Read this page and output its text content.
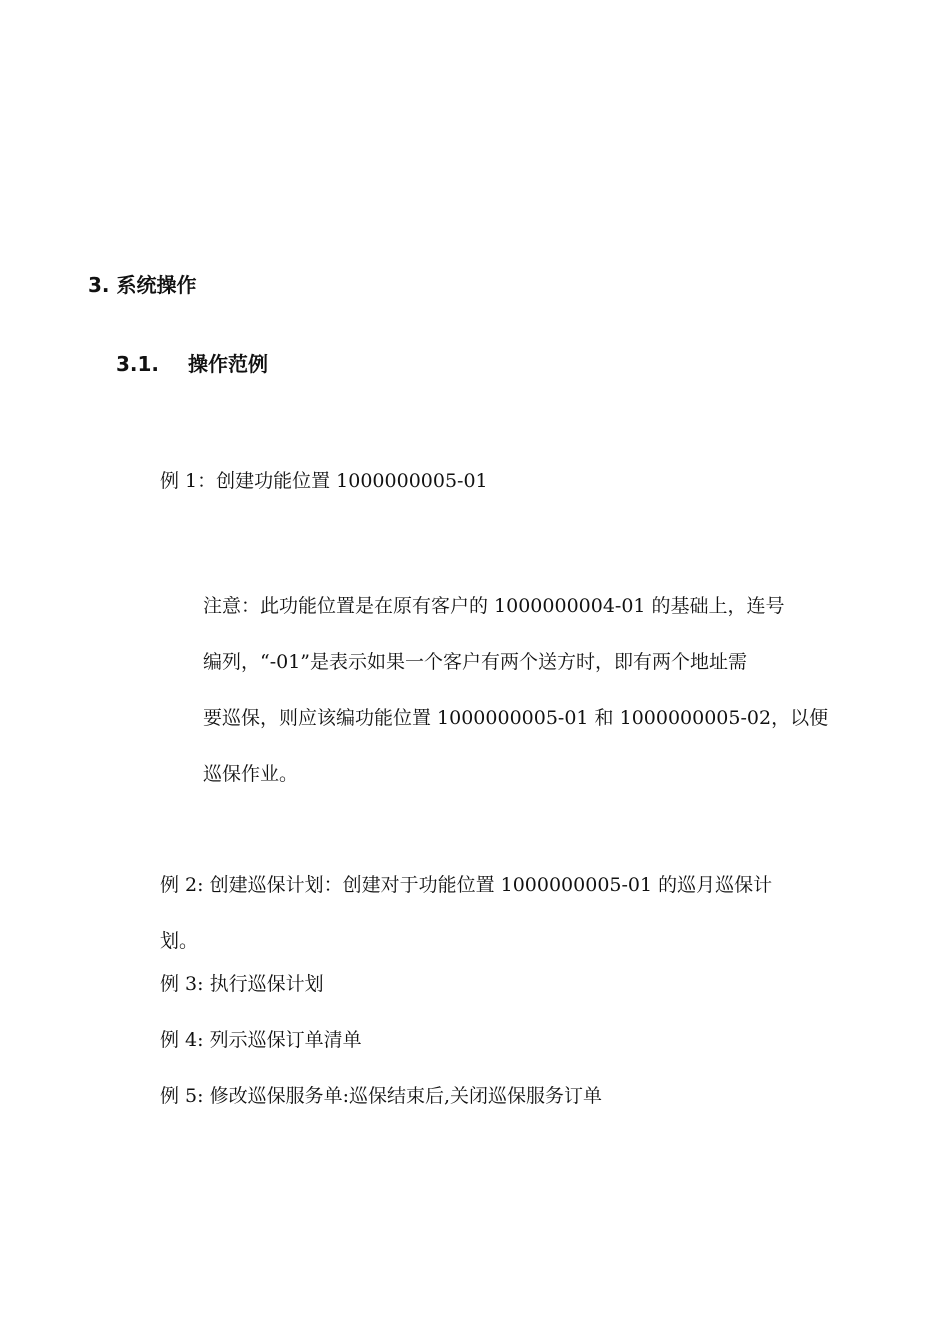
3. 系统操作
3.1. 操作范例
例 1：创建功能位置 1000000005-01
注意：此功能位置是在原有客户的 1000000004-01 的基础上，连号
编列，“-01”是表示如果一个客户有两个送方时，即有两个地址需
要巡保，则应该编功能位置 1000000005-01 和 1000000005-02，以便
巡保作业。
例 2: 创建巡保计划：创建对于功能位置 1000000005-01 的巡月巡保计
划。
例 3: 执行巡保计划
例 4: 列示巡保订单清单
例 5: 修改巡保服务单:巡保结束后,关闭巡保服务订单
